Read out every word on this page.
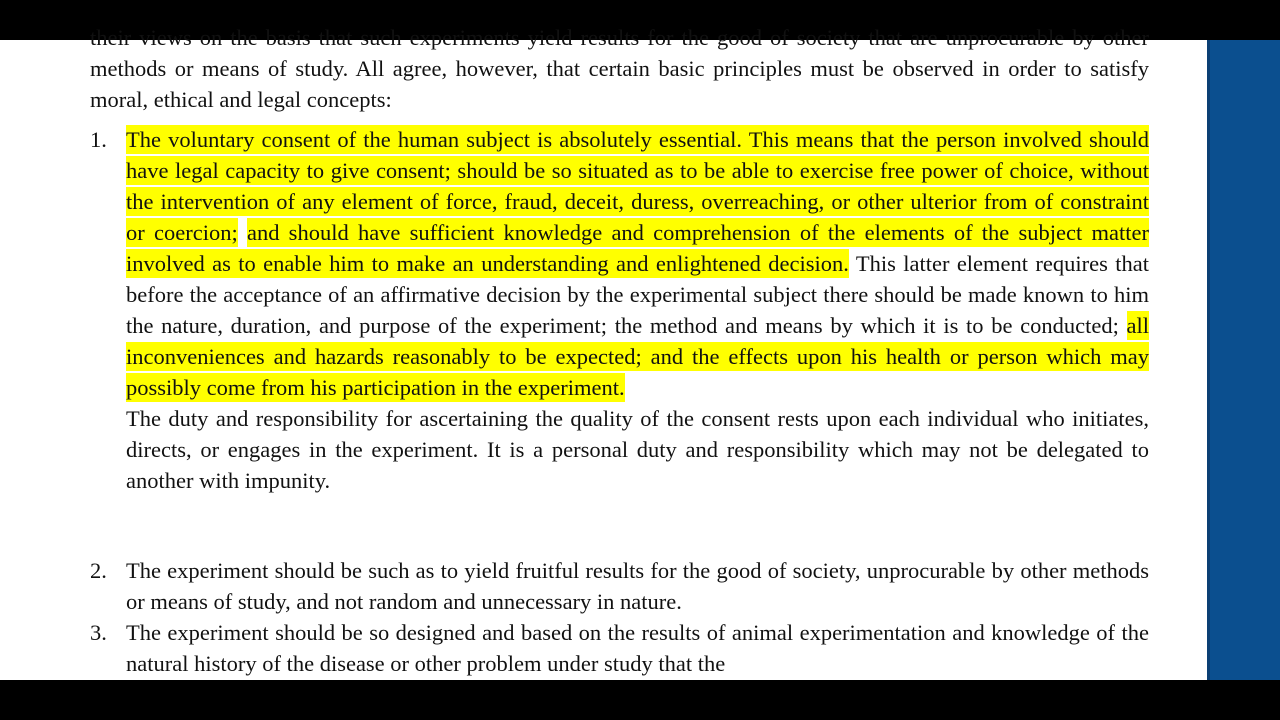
their views on the basis that such experiments yield results for the good of society that are unprocurable by other methods or means of study. All agree, however, that certain basic principles must be observed in order to satisfy moral, ethical and legal concepts:
1. The voluntary consent of the human subject is absolutely essential. This means that the person involved should have legal capacity to give consent; should be so situated as to be able to exercise free power of choice, without the intervention of any element of force, fraud, deceit, duress, overreaching, or other ulterior from of constraint or coercion; and should have sufficient knowledge and comprehension of the elements of the subject matter involved as to enable him to make an understanding and enlightened decision. This latter element requires that before the acceptance of an affirmative decision by the experimental subject there should be made known to him the nature, duration, and purpose of the experiment; the method and means by which it is to be conducted; all inconveniences and hazards reasonably to be expected; and the effects upon his health or person which may possibly come from his participation in the experiment.

The duty and responsibility for ascertaining the quality of the consent rests upon each individual who initiates, directs, or engages in the experiment. It is a personal duty and responsibility which may not be delegated to another with impunity.

2. The experiment should be such as to yield fruitful results for the good of society, unprocurable by other methods or means of study, and not random and unnecessary in nature.
3. The experiment should be so designed and based on the results of animal experimentation and knowledge of the natural history of the disease or other problem under study that the
